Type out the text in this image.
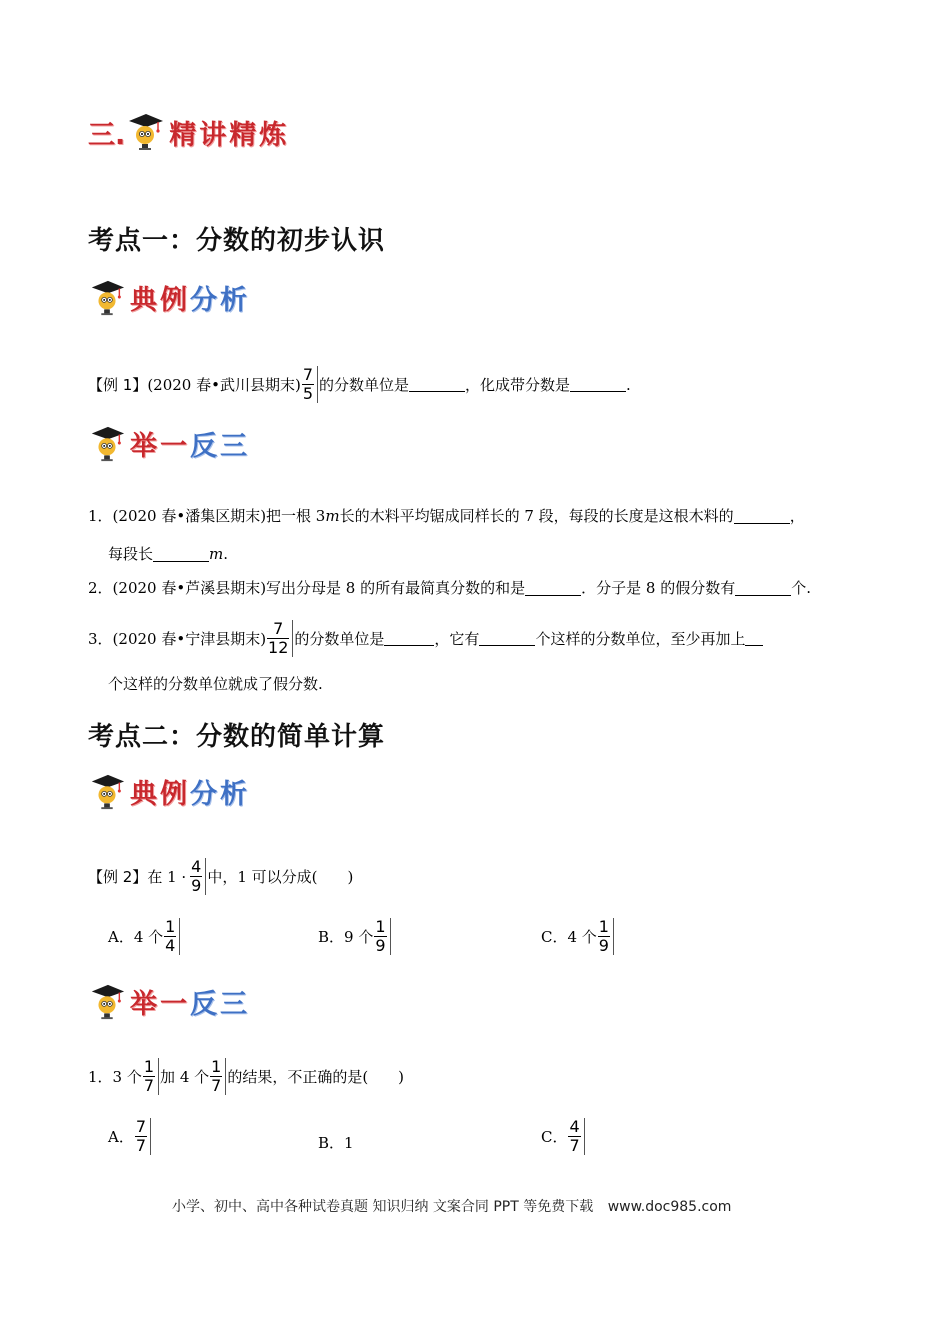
三. 精讲精炼
考点一：分数的初步认识
典例分析
【例 1】 (2020 春•武川县期末) $\frac{7}{5}$ 的分数单位是	，化成带分数是	.
举一反三
1． (2020 春•潘集区期末)把一根 3 m 长的木料平均锯成同样长的 7 段，每段的长度是这根木料的	，
每段长	m .
2． (2020 春•芦溪县期末)写出分母是 8 的所有最简真分数的和是	．分子是 8 的假分数有	个.
3． (2020 春•宁津县期末) $\frac{7}{12}$ 的分数单位是	，它有	个这样的分数单位，至少再加上
个这样的分数单位就成了假分数.
考点二：分数的简单计算
典例分析
【例 2】 在 $1 \cdot \frac{4}{9}$ 中，1 可以分成(　　)
A．4 个 $\frac{1}{4}$	B．9 个 $\frac{1}{9}$	C．4 个 $\frac{1}{9}$
举一反三
1． 3 个 $\frac{1}{7}$ 加 4 个 $\frac{1}{7}$ 的结果，不正确的是(　　)
A． $\frac{7}{7}$	B．1	C． $\frac{4}{7}$
小学、初中、高中各种试卷真题 知识归纳 文案合同 PPT 等免费下载 www.doc985.com
